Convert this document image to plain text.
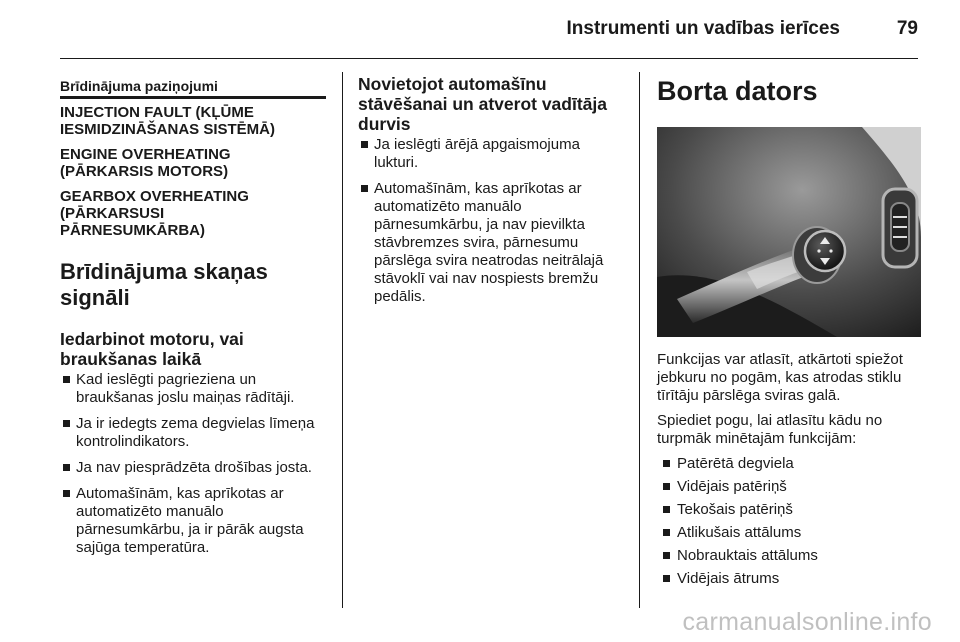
Instrumenti un vadības ierīces	79
Brīdinājuma paziņojumi
INJECTION FAULT (KĻŪME
IESMIDZINĀŠANAS SISTĒMĀ)
ENGINE OVERHEATING
(PĀRKARSIS MOTORS)
GEARBOX OVERHEATING
(PĀRKARSUSI
PĀRNESUMKĀRBA)
Brīdinājuma skaņas signāli
Iedarbinot motoru, vai
braukšanas laikā
Kad ieslēgti pagrieziena un
braukšanas joslu maiņas rādītāji.
Ja ir iedegts zema degvielas līmeņa
kontrolindikators.
Ja nav piesprādzēta drošības josta.
Automašīnām, kas aprīkotas ar
automatizēto manuālo
pārnesumkārbu, ja ir pārāk augsta
sajūga temperatūra.
Novietojot automašīnu
stāvēšanai un atverot vadītāja
durvis
Ja ieslēgti ārējā apgaismojuma
lukturi.
Automašīnām, kas aprīkotas ar
automatizēto manuālo
pārnesumkārbu, ja nav pievilkta
stāvbremzes svira, pārnesumu
pārslēga svira neatrodas neitrālajā
stāvoklī vai nav nospiests bremžu
pedālis.
Borta dators
Funkcijas var atlasīt, atkārtoti spiežot
jebkuru no pogām, kas atrodas stiklu
tīrītāju pārslēga sviras galā.
Spiediet pogu, lai atlasītu kādu no
turpmāk minētajām funkcijām:
Patērētā degviela
Vidējais patēriņš
Tekošais patēriņš
Atlikušais attālums
Nobrauktais attālums
Vidējais ātrums
carmanualsonline.info
